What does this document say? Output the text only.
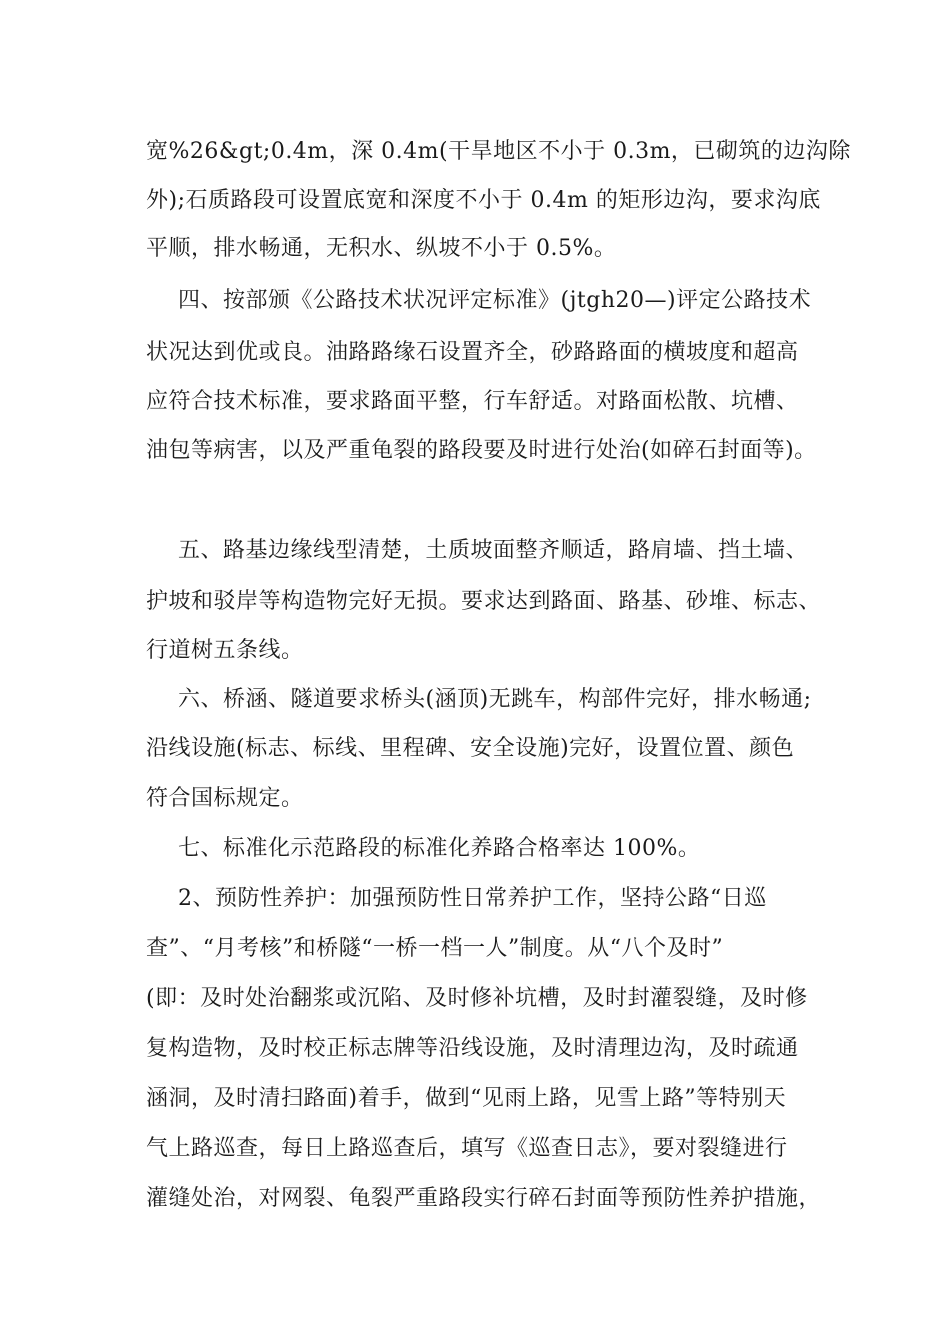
宽%26&gt;0.4m，深 0.4m(干旱地区不小于 0.3m，已砌筑的边沟除
外);石质路段可设置底宽和深度不小于 0.4m 的矩形边沟，要求沟底
平顺，排水畅通，无积水、纵坡不小于 0.5%。
四、按部颁《公路技术状况评定标准》(jtgh20—)评定公路技术
状况达到优或良。油路路缘石设置齐全，砂路路面的横坡度和超高
应符合技术标准，要求路面平整，行车舒适。对路面松散、坑槽、
油包等病害，以及严重龟裂的路段要及时进行处治(如碎石封面等)。
五、路基边缘线型清楚，土质坡面整齐顺适，路肩墙、挡土墙、
护坡和驳岸等构造物完好无损。要求达到路面、路基、砂堆、标志、
行道树五条线。
六、桥涵、隧道要求桥头(涵顶)无跳车，构部件完好，排水畅通;
沿线设施(标志、标线、里程碑、安全设施)完好，设置位置、颜色
符合国标规定。
七、标准化示范路段的标准化养路合格率达 100%。
2、预防性养护：加强预防性日常养护工作，坚持公路“日巡
查”、“月考核”和桥隧“一桥一档一人”制度。从“八个及时”
(即：及时处治翻浆或沉陷、及时修补坑槽，及时封灌裂缝，及时修
复构造物，及时校正标志牌等沿线设施，及时清理边沟，及时疏通
涵洞，及时清扫路面)着手，做到“见雨上路，见雪上路”等特别天
气上路巡查，每日上路巡查后，填写《巡查日志》，要对裂缝进行
灌缝处治，对网裂、龟裂严重路段实行碎石封面等预防性养护措施，
